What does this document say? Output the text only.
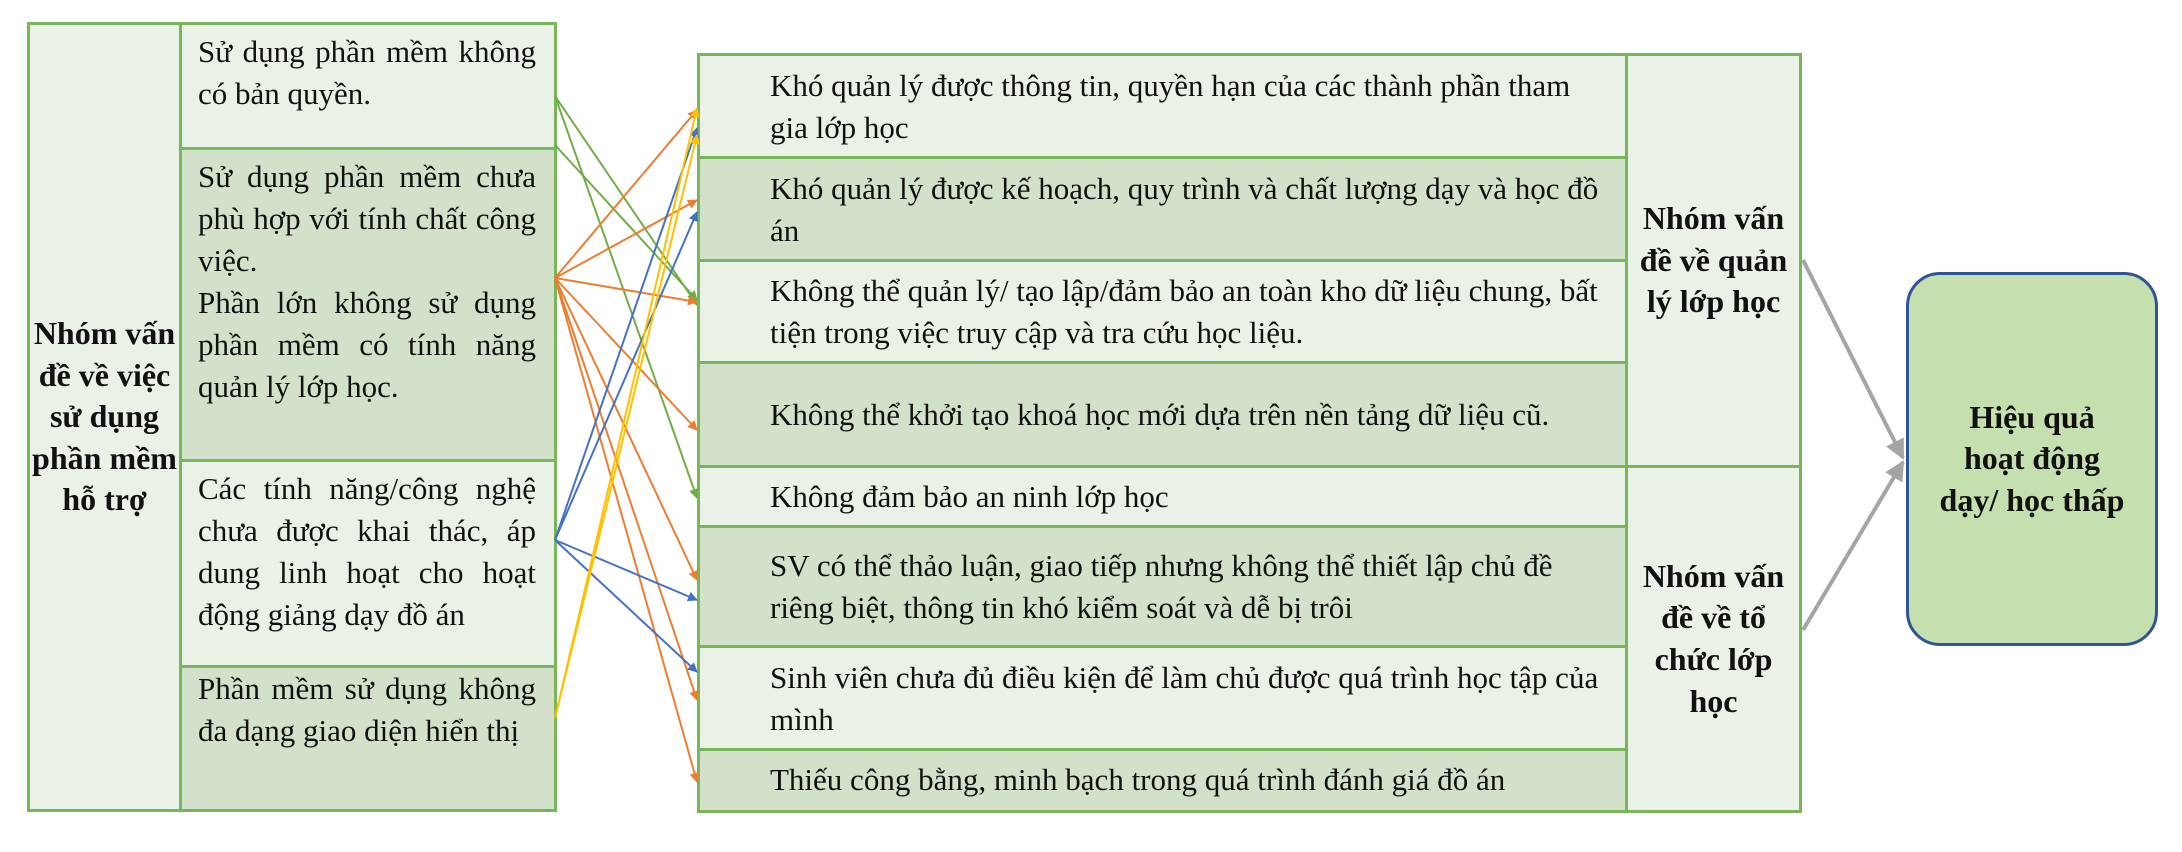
Nhóm vấn đề về việc sử dụng phần mềm hỗ trợ
Sử dụng phần mềm không có bản quyền.
Sử dụng phần mềm chưa phù hợp với tính chất công việc.
Phần lớn không sử dụng phần mềm có tính năng quản lý lớp học.
Các tính năng/công nghệ chưa được khai thác, áp dung linh hoạt cho hoạt động giảng dạy đồ án
Phần mềm sử dụng không đa dạng giao diện hiển thị
Khó quản lý được thông tin, quyền hạn của các thành phần tham gia lớp học
Khó quản lý được kế hoạch, quy trình và chất lượng dạy và học đồ án
Không thể quản lý/ tạo lập/đảm bảo an toàn kho dữ liệu chung, bất tiện trong việc truy cập và tra cứu học liệu.
Không thể khởi tạo khoá học mới dựa trên nền tảng dữ liệu cũ.
Không đảm bảo an ninh lớp học
SV có thể thảo luận, giao tiếp nhưng không thể thiết lập chủ đề riêng biệt, thông tin khó kiểm soát và dễ bị trôi
Sinh viên chưa đủ điều kiện để làm chủ được quá trình học tập của mình
Thiếu công bằng, minh bạch trong quá trình đánh giá đồ án
Nhóm vấn đề về quản lý lớp học
Nhóm vấn đề về tổ chức lớp học
Hiệu quả hoạt động dạy/ học thấp
